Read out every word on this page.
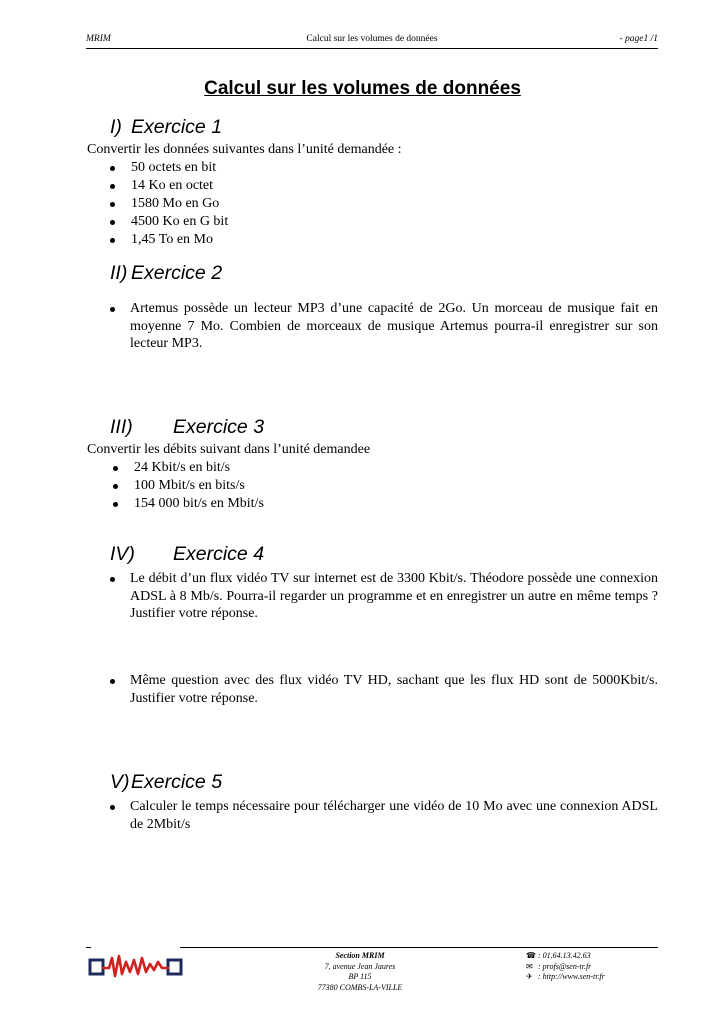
MRIM	Calcul sur les volumes de données	- page1 /1
Calcul sur les volumes de données
I) Exercice 1
Convertir les données suivantes dans l’unité demandée :
50 octets en bit
14 Ko en octet
1580 Mo en Go
4500 Ko en G bit
1,45 To en Mo
II) Exercice 2
Artemus possède un lecteur MP3 d’une capacité de 2Go. Un morceau de musique fait en moyenne 7 Mo. Combien de morceaux de musique Artemus pourra-il enregistrer sur son lecteur MP3.
III) Exercice 3
Convertir les débits suivant dans l’unité demandee
24 Kbit/s en bit/s
100 Mbit/s en bits/s
154 000 bit/s en Mbit/s
IV) Exercice 4
Le débit d’un flux vidéo TV sur internet est de 3300 Kbit/s. Théodore possède une connexion ADSL à 8 Mb/s. Pourra-il regarder un programme et en enregistrer un autre en même temps ? Justifier votre réponse.
Même question avec des flux vidéo TV HD, sachant que les flux HD sont de 5000Kbit/s. Justifier votre réponse.
V) Exercice 5
Calculer le temps nécessaire pour télécharger une vidéo de 10 Mo avec une connexion ADSL de 2Mbit/s
Section MRIM
7, avenue Jean Jaures
BP 115
77380 COMBS-LA-VILLE
☎ : 01.64.13.42.63
✉ : profs@sen-tr.fr
✈ : http://www.sen-tr.fr
